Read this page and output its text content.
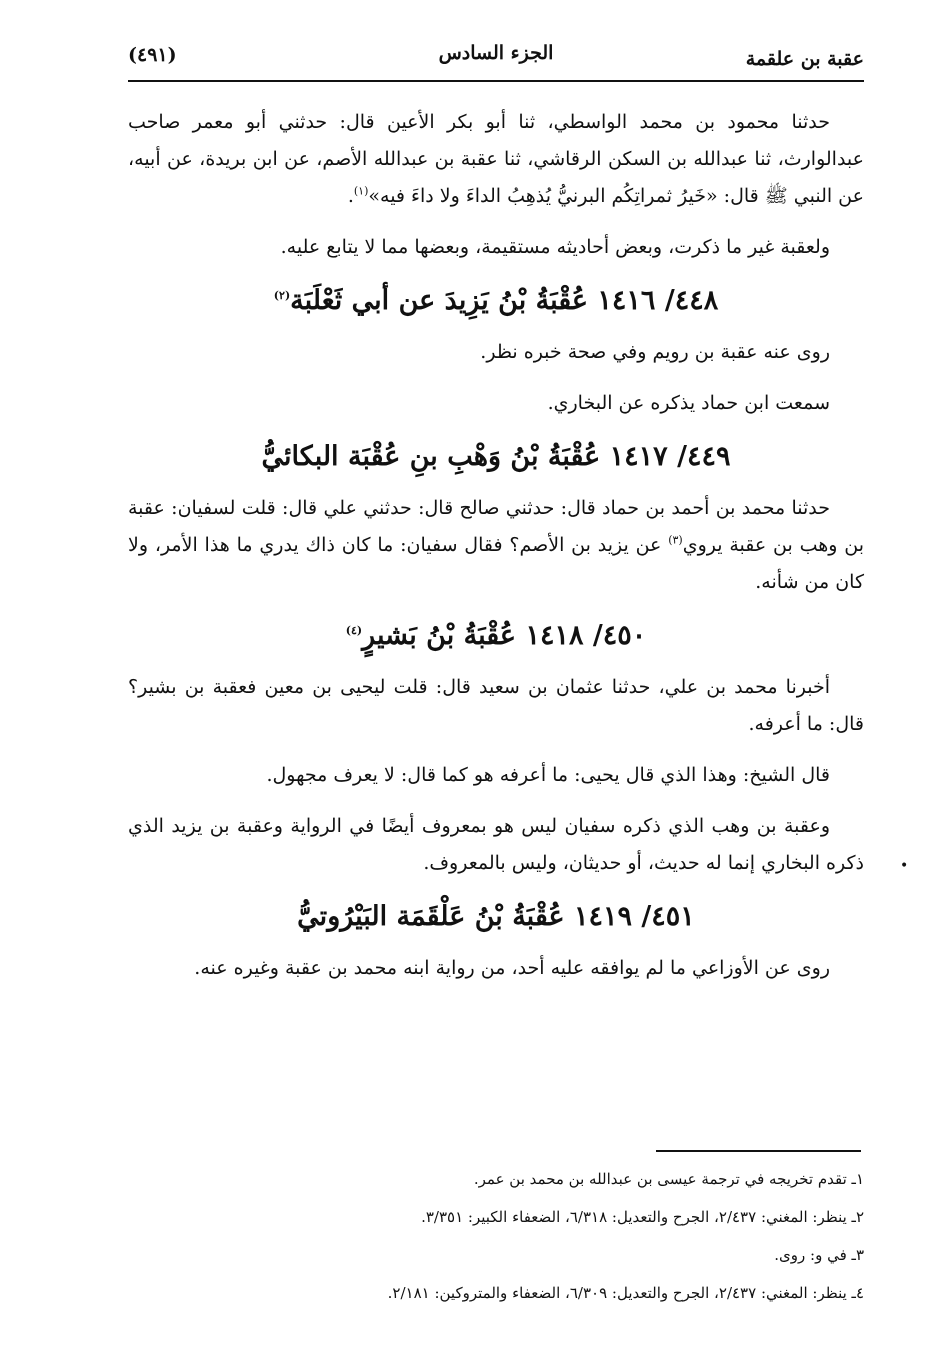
عقبة بن علقمة
الجزء السادس
(٤٩١)

حدثنا محمود بن محمد الواسطي، ثنا أبو بكر الأعين قال: حدثني أبو معمر صاحب عبدالوارث، ثنا عبدالله بن السكن الرقاشي، ثنا عقبة بن عبدالله الأصم، عن ابن بريدة، عن أبيه، عن النبي ﷺ قال: «خَيرُ ثمراتِكُم البرنيُّ يُذهِبُ الداءَ ولا داءَ فيه»$^{(١)}$.

ولعقبة غير ما ذكرت، وبعض أحاديثه مستقيمة، وبعضها مما لا يتابع عليه.

٤٤٨/ ١٤١٦ عُقْبَةُ بْنُ يَزِيدَ عن أبي ثَعْلَبَة$^{(٢)}$

روى عنه عقبة بن رويم وفي صحة خبره نظر.

سمعت ابن حماد يذكره عن البخاري.

٤٤٩/ ١٤١٧ عُقْبَةُ بْنُ وَهْبِ بنِ عُقْبَة البكائيُّ

حدثنا محمد بن أحمد بن حماد قال: حدثني صالح قال: حدثني علي قال: قلت لسفيان: عقبة بن وهب بن عقبة يروي$^{(٣)}$ عن يزيد بن الأصم؟ فقال سفيان: ما كان ذاك يدري ما هذا الأمر، ولا كان من شأنه.

٤٥٠/ ١٤١٨ عُقْبَةُ بْنُ بَشيرٍ$^{(٤)}$

أخبرنا محمد بن علي، حدثنا عثمان بن سعيد قال: قلت ليحيى بن معين فعقبة بن بشير؟ قال: ما أعرفه.

قال الشيخ: وهذا الذي قال يحيى: ما أعرفه هو كما قال: لا يعرف مجهول.

وعقبة بن وهب الذي ذكره سفيان ليس هو بمعروف أيضًا في الرواية وعقبة بن يزيد الذي ذكره البخاري إنما له حديث، أو حديثان، وليس بالمعروف.

٤٥١/ ١٤١٩ عُقْبَةُ بْنُ عَلْقَمَة البَيْرُوتيُّ

روى عن الأوزاعي ما لم يوافقه عليه أحد، من رواية ابنه محمد بن عقبة وغيره عنه.

١ـ تقدم تخريجه في ترجمة عيسى بن عبدالله بن محمد بن عمر.
٢ـ ينظر: المغني: ٢/٤٣٧، الجرح والتعديل: ٦/٣١٨، الضعفاء الكبير: ٣/٣٥١.
٣ـ في و: روى.
٤ـ ينظر: المغني: ٢/٤٣٧، الجرح والتعديل: ٦/٣٠٩، الضعفاء والمتروكين: ٢/١٨١.
•
